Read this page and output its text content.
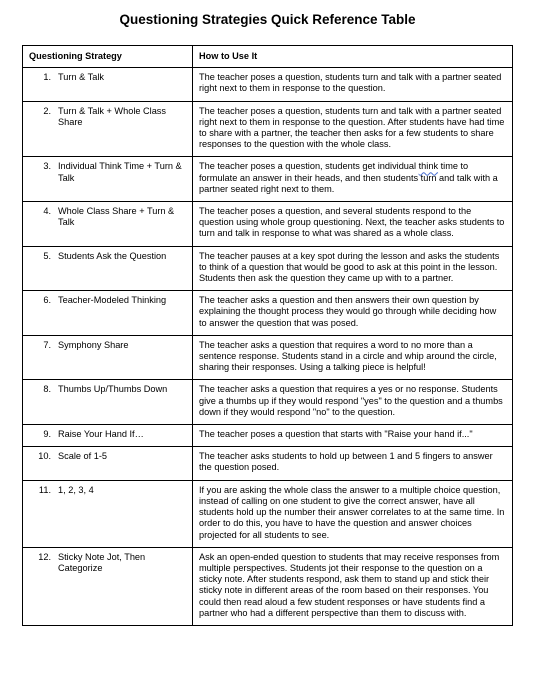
Questioning Strategies Quick Reference Table
Questioning Strategy	How to Use It

1. Turn & Talk	The teacher poses a question, students turn and talk with a partner seated right next to them in response to the question.

2. Turn & Talk + Whole Class Share	The teacher poses a question, students turn and talk with a partner seated right next to them in response to the question. After students have had time to share with a partner, the teacher then asks for a few students to share responses to the question with the whole class.

3. Individual Think Time + Turn & Talk	The teacher poses a question, students get individual think time to formulate an answer in their heads, and then students turn and talk with a partner seated right next to them.

4. Whole Class Share + Turn & Talk	The teacher poses a question, and several students respond to the question using whole group questioning. Next, the teacher asks students to turn and talk in response to what was shared as a whole class.

5. Students Ask the Question	The teacher pauses at a key spot during the lesson and asks the students to think of a question that would be good to ask at this point in the lesson. Students then ask the question they came up with to a partner.

6. Teacher-Modeled Thinking	The teacher asks a question and then answers their own question by explaining the thought process they would go through while deciding how to answer the question that was posed.

7. Symphony Share	The teacher asks a question that requires a word to no more than a sentence response. Students stand in a circle and whip around the circle, sharing their responses. Using a talking piece is helpful!

8. Thumbs Up/Thumbs Down	The teacher asks a question that requires a yes or no response. Students give a thumbs up if they would respond "yes" to the question and a thumbs down if they would respond "no" to the question.

9. Raise Your Hand If…	The teacher poses a question that starts with "Raise your hand if..."

10. Scale of 1-5	The teacher asks students to hold up between 1 and 5 fingers to answer the question posed.

11. 1, 2, 3, 4	If you are asking the whole class the answer to a multiple choice question, instead of calling on one student to give the correct answer, have all students hold up the number their answer correlates to at the same time. In order to do this, you have to have the question and answer choices projected for all students to see.

12. Sticky Note Jot, Then Categorize	Ask an open-ended question to students that may receive responses from multiple perspectives. Students jot their response to the question on a sticky note. After students respond, ask them to stand up and stick their sticky note in different areas of the room based on their responses. You could then read aloud a few student responses or have students find a partner who had a different perspective than them to discuss with.
